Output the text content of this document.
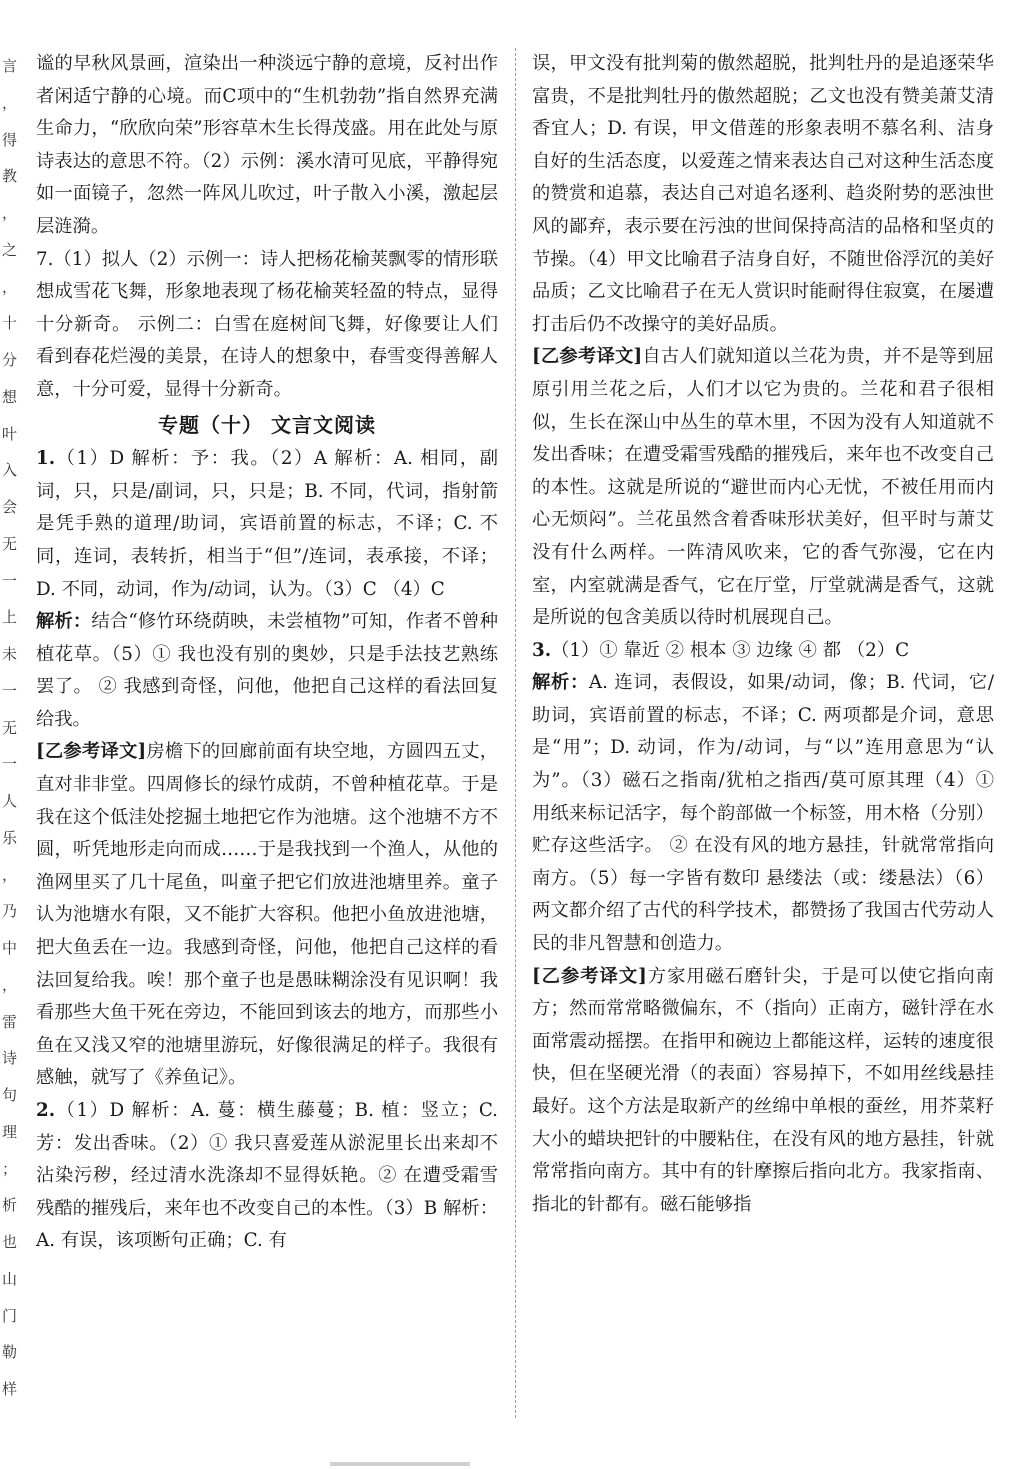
言
，
得
教
，
之
，
十
分
想
叶
入
会
无
一
上
未
一
无
一
人
乐
，
乃
中
，
雷
诗
句
理
；
析
也
山
门
勒
样

谧的早秋风景画，渲染出一种淡远宁静的意境，反衬出作者闲适宁静的心境。而C项中的“生机勃勃”指自然界充满生命力，“欣欣向荣”形容草木生长得茂盛。用在此处与原诗表达的意思不符。（2）示例：溪水清可见底，平静得宛如一面镜子，忽然一阵风儿吹过，叶子散入小溪，激起层层涟漪。

7.（1）拟人（2）示例一：诗人把杨花榆荚飘零的情形联想成雪花飞舞，形象地表现了杨花榆荚轻盈的特点，显得十分新奇。 示例二：白雪在庭树间飞舞，好像要让人们看到春花烂漫的美景，在诗人的想象中，春雪变得善解人意，十分可爱，显得十分新奇。

专题（十） 文言文阅读

1.（1）D 解析：予：我。（2）A 解析：A. 相同，副词，只，只是/副词，只，只是；B. 不同，代词，指射箭是凭手熟的道理/助词，宾语前置的标志，不译；C. 不同，连词，表转折，相当于“但”/连词，表承接，不译；D. 不同，动词，作为/动词，认为。（3）C （4）C

解析：结合“修竹环绕荫映，未尝植物”可知，作者不曾种植花草。（5）① 我也没有别的奥妙，只是手法技艺熟练罢了。 ② 我感到奇怪，问他，他把自己这样的看法回复给我。

[乙参考译文]房檐下的回廊前面有块空地，方圆四五丈，直对非非堂。四周修长的绿竹成荫，不曾种植花草。于是我在这个低洼处挖掘土地把它作为池塘。这个池塘不方不圆，听凭地形走向而成……于是我找到一个渔人，从他的渔网里买了几十尾鱼，叫童子把它们放进池塘里养。童子认为池塘水有限，又不能扩大容积。他把小鱼放进池塘，把大鱼丢在一边。我感到奇怪，问他，他把自己这样的看法回复给我。唉！那个童子也是愚昧糊涂没有见识啊！我看那些大鱼干死在旁边，不能回到该去的地方，而那些小鱼在又浅又窄的池塘里游玩，好像很满足的样子。我很有感触，就写了《养鱼记》。

2.（1）D 解析：A. 蔓：横生藤蔓；B. 植：竖立；C. 芳：发出香味。（2）① 我只喜爱莲从淤泥里长出来却不沾染污秽，经过清水洗涤却不显得妖艳。② 在遭受霜雪残酷的摧残后，来年也不改变自己的本性。（3）B 解析：A. 有误，该项断句正确；C. 有

误，甲文没有批判菊的傲然超脱，批判牡丹的是追逐荣华富贵，不是批判牡丹的傲然超脱；乙文也没有赞美萧艾清香宜人；D. 有误，甲文借莲的形象表明不慕名利、洁身自好的生活态度，以爱莲之情来表达自己对这种生活态度的赞赏和追慕，表达自己对追名逐利、趋炎附势的恶浊世风的鄙弃，表示要在污浊的世间保持高洁的品格和坚贞的节操。（4）甲文比喻君子洁身自好，不随世俗浮沉的美好品质；乙文比喻君子在无人赏识时能耐得住寂寞，在屡遭打击后仍不改操守的美好品质。

[乙参考译文]自古人们就知道以兰花为贵，并不是等到屈原引用兰花之后，人们才以它为贵的。兰花和君子很相似，生长在深山中丛生的草木里，不因为没有人知道就不发出香味；在遭受霜雪残酷的摧残后，来年也不改变自己的本性。这就是所说的“避世而内心无忧，不被任用而内心无烦闷”。兰花虽然含着香味形状美好，但平时与萧艾没有什么两样。一阵清风吹来，它的香气弥漫，它在内室，内室就满是香气，它在厅堂，厅堂就满是香气，这就是所说的包含美质以待时机展现自己。

3.（1）① 靠近 ② 根本 ③ 边缘 ④ 都 （2）C

解析：A. 连词，表假设，如果/动词，像；B. 代词，它/助词，宾语前置的标志，不译；C. 两项都是介词，意思是“用”；D. 动词，作为/动词，与“以”连用意思为“认为”。（3）磁石之指南/犹柏之指西/莫可原其理（4）① 用纸来标记活字，每个韵部做一个标签，用木格（分别）贮存这些活字。 ② 在没有风的地方悬挂，针就常常指向南方。（5）每一字皆有数印 悬缕法（或：缕悬法）（6）两文都介绍了古代的科学技术，都赞扬了我国古代劳动人民的非凡智慧和创造力。

[乙参考译文]方家用磁石磨针尖，于是可以使它指向南方；然而常常略微偏东，不（指向）正南方，磁针浮在水面常震动摇摆。在指甲和碗边上都能这样，运转的速度很快，但在坚硬光滑（的表面）容易掉下，不如用丝线悬挂最好。这个方法是取新产的丝绵中单根的蚕丝，用芥菜籽大小的蜡块把针的中腰粘住，在没有风的地方悬挂，针就常常指向南方。其中有的针摩擦后指向北方。我家指南、指北的针都有。磁石能够指
